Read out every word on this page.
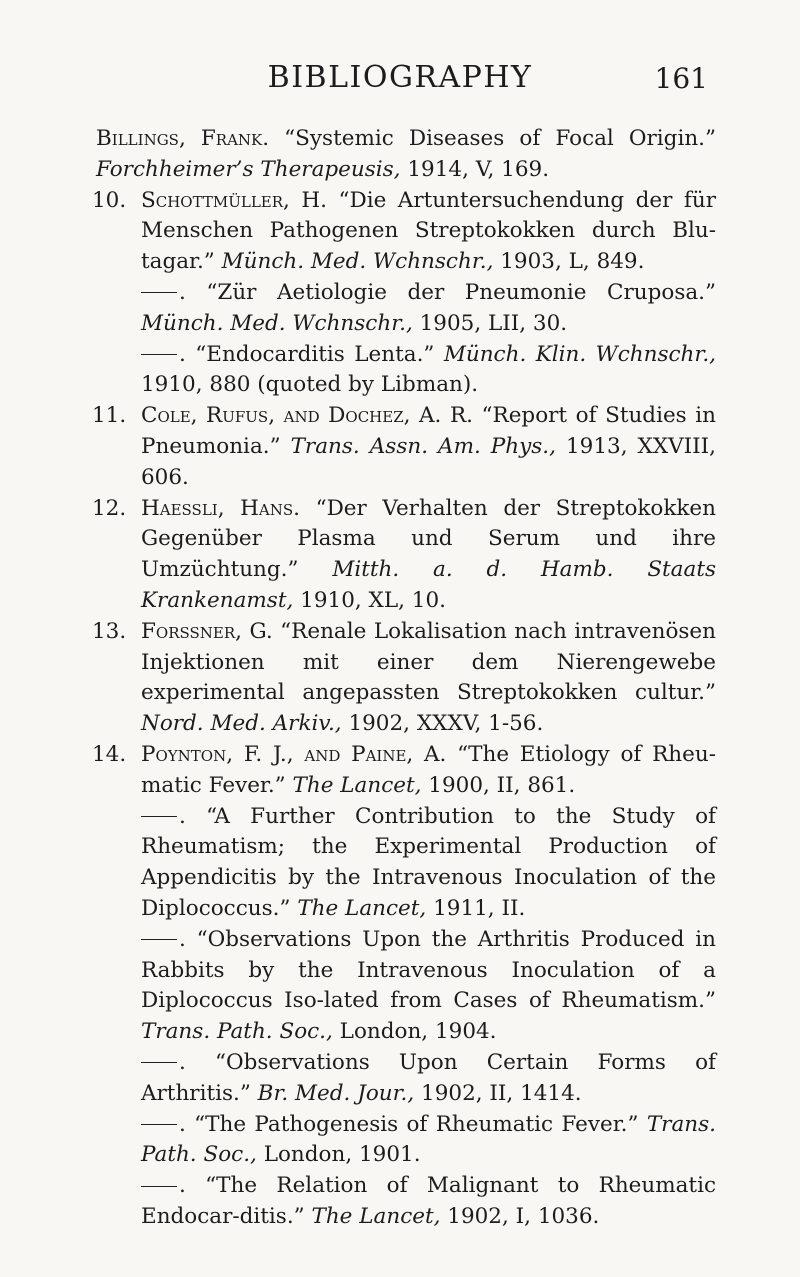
BIBLIOGRAPHY	161

Billings, Frank. “Systemic Diseases of Focal Origin.” Forchheimer’s Therapeusis, 1914, V, 169.

10. Schottmüller, H. “Die Artuntersuchendung der für Menschen Pathogenen Streptokokken durch Blu-tagar.” Münch. Med. Wchnschr., 1903, L, 849.

. “Zür Aetiologie der Pneumonie Cruposa.” Münch. Med. Wchnschr., 1905, LII, 30.

. “Endocarditis Lenta.” Münch. Klin. Wchnschr., 1910, 880 (quoted by Libman).

11. Cole, Rufus, and Dochez, A. R. “Report of Studies in Pneumonia.” Trans. Assn. Am. Phys., 1913, XXVIII, 606.

12. Haessli, Hans. “Der Verhalten der Streptokokken Gegenüber Plasma und Serum und ihre Umzüchtung.” Mitth. a. d. Hamb. Staats Krankenamst, 1910, XL, 10.

13. Forssner, G. “Renale Lokalisation nach intravenösen Injektionen mit einer dem Nierengewebe experimental angepassten Streptokokken cultur.” Nord. Med. Arkiv., 1902, XXXV, 1-56.

14. Poynton, F. J., and Paine, A. “The Etiology of Rheu-matic Fever.” The Lancet, 1900, II, 861.

. “A Further Contribution to the Study of Rheumatism; the Experimental Production of Appendicitis by the Intravenous Inoculation of the Diplococcus.” The Lancet, 1911, II.

. “Observations Upon the Arthritis Produced in Rabbits by the Intravenous Inoculation of a Diplococcus Iso-lated from Cases of Rheumatism.” Trans. Path. Soc., London, 1904.

. “Observations Upon Certain Forms of Arthritis.” Br. Med. Jour., 1902, II, 1414.

. “The Pathogenesis of Rheumatic Fever.” Trans. Path. Soc., London, 1901.

. “The Relation of Malignant to Rheumatic Endocar-ditis.” The Lancet, 1902, I, 1036.
